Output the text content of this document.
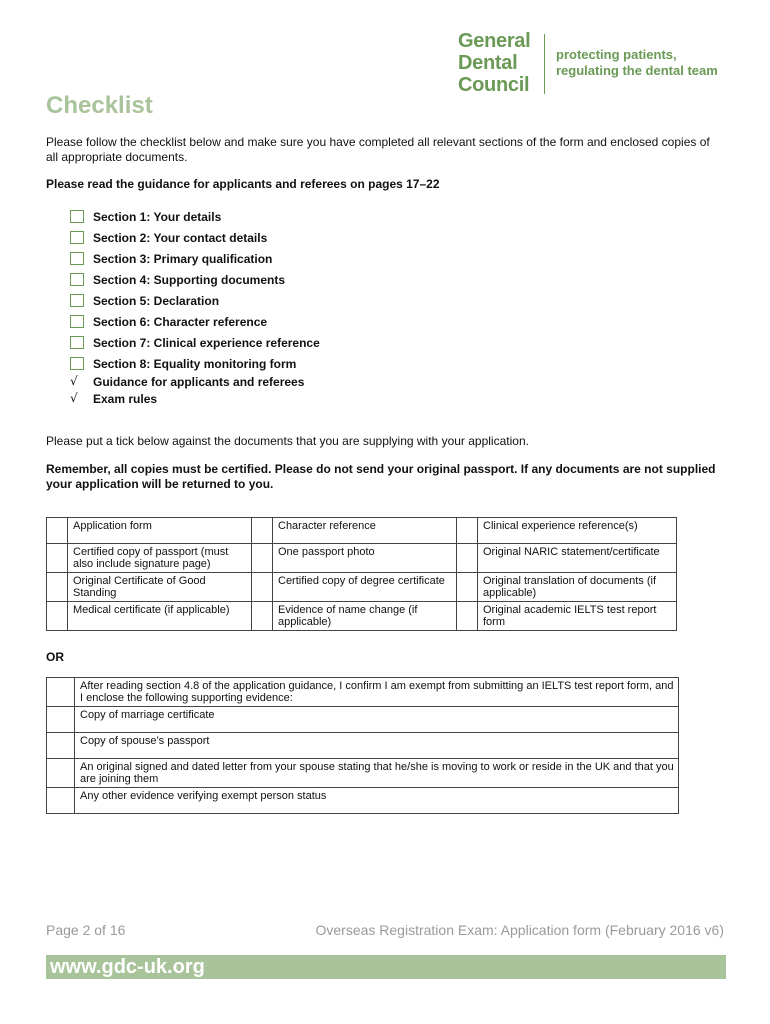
General
Dental
Council
protecting patients,
regulating the dental team
Checklist
Please follow the checklist below and make sure you have completed all relevant sections of the form and enclosed copies of all appropriate documents.
Please read the guidance for applicants and referees on pages 17–22
Section 1: Your details
Section 2: Your contact details
Section 3: Primary qualification
Section 4: Supporting documents
Section 5: Declaration
Section 6: Character reference
Section 7: Clinical experience reference
Section 8: Equality monitoring form
√ Guidance for applicants and referees
√ Exam rules
Please put a tick below against the documents that you are supplying with your application.
Remember, all copies must be certified. Please do not send your original passport. If any documents are not supplied your application will be returned to you.
	Application form		Character reference		Clinical experience reference(s)
	Certified copy of passport (must also include signature page)		One passport photo		Original NARIC statement/certificate
	Original Certificate of Good Standing		Certified copy of degree certificate		Original translation of documents (if applicable)
	Medical certificate (if applicable)		Evidence of name change (if applicable)		Original academic IELTS test report form
OR
	After reading section 4.8 of the application guidance, I confirm I am exempt from submitting an IELTS test report form, and I enclose the following supporting evidence:
	Copy of marriage certificate
	Copy of spouse’s passport
	An original signed and dated letter from your spouse stating that he/she is moving to work or reside in the UK and that you are joining them
	Any other evidence verifying exempt person status
Page 2 of 16	Overseas Registration Exam: Application form (February 2016 v6)
www.gdc-uk.org
